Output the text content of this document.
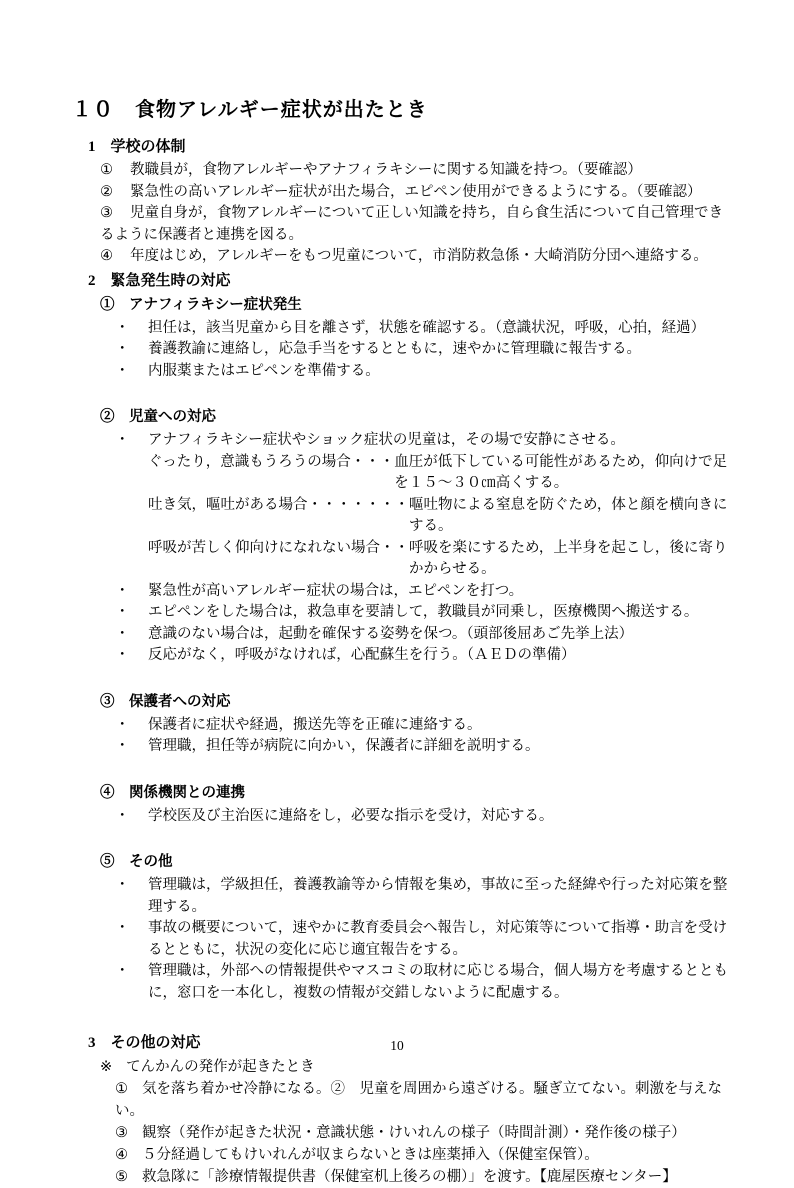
１０　食物アレルギー症状が出たとき
1　学校の体制
① 教職員が，食物アレルギーやアナフィラキシーに関する知識を持つ。（要確認）
② 緊急性の高いアレルギー症状が出た場合，エピペン使用ができるようにする。（要確認）
③ 児童自身が，食物アレルギーについて正しい知識を持ち，自ら食生活について自己管理できるように保護者と連携を図る。
④ 年度はじめ，アレルギーをもつ児童について，市消防救急係・大崎消防分団へ連絡する。
2　緊急発生時の対応
①　アナフィラキシー症状発生
・ 担任は，該当児童から目を離さず，状態を確認する。（意識状況，呼吸，心拍，経過）
・ 養護教諭に連絡し，応急手当をするとともに，速やかに管理職に報告する。
・ 内服薬またはエピペンを準備する。
②　児童への対応
・ アナフィラキシー症状やショック症状の児童は，その場で安静にさせる。
ぐったり，意識もうろうの場合・・・ 血圧が低下している可能性があるため，仰向けで足を１５～３０㎝高くする。
吐き気，嘔吐がある場合・・・・・・・ 嘔吐物による窒息を防ぐため，体と顔を横向きにする。
呼吸が苦しく仰向けになれない場合・・ 呼吸を楽にするため，上半身を起こし，後に寄りかからせる。
・ 緊急性が高いアレルギー症状の場合は，エピペンを打つ。
・ エピペンをした場合は，救急車を要請して，教職員が同乗し，医療機関へ搬送する。
・ 意識のない場合は，起動を確保する姿勢を保つ。（頭部後屈あご先挙上法）
・ 反応がなく，呼吸がなければ，心配蘇生を行う。（ＡＥＤの準備）
③　保護者への対応
・ 保護者に症状や経過，搬送先等を正確に連絡する。
・ 管理職，担任等が病院に向かい，保護者に詳細を説明する。
④　関係機関との連携
・ 学校医及び主治医に連絡をし，必要な指示を受け，対応する。
⑤　その他
・ 管理職は，学級担任，養護教諭等から情報を集め，事故に至った経緯や行った対応策を整理する。
・ 事故の概要について，速やかに教育委員会へ報告し，対応策等について指導・助言を受けるとともに，状況の変化に応じ適宜報告をする。
・ 管理職は，外部への情報提供やマスコミの取材に応じる場合，個人場方を考慮するとともに，窓口を一本化し，複数の情報が交錯しないように配慮する。
3　その他の対応
※ てんかんの発作が起きたとき
① 気を落ち着かせ冷静になる。②　児童を周囲から遠ざける。騒ぎ立てない。刺激を与えない。
③ 観察（発作が起きた状況・意識状態・けいれんの様子（時間計測）・発作後の様子）
④ ５分経過してもけいれんが収まらないときは座薬挿入（保健室保管）。
⑤ 救急隊に「診療情報提供書（保健室机上後ろの棚）」を渡す。【鹿屋医療センター】
10
